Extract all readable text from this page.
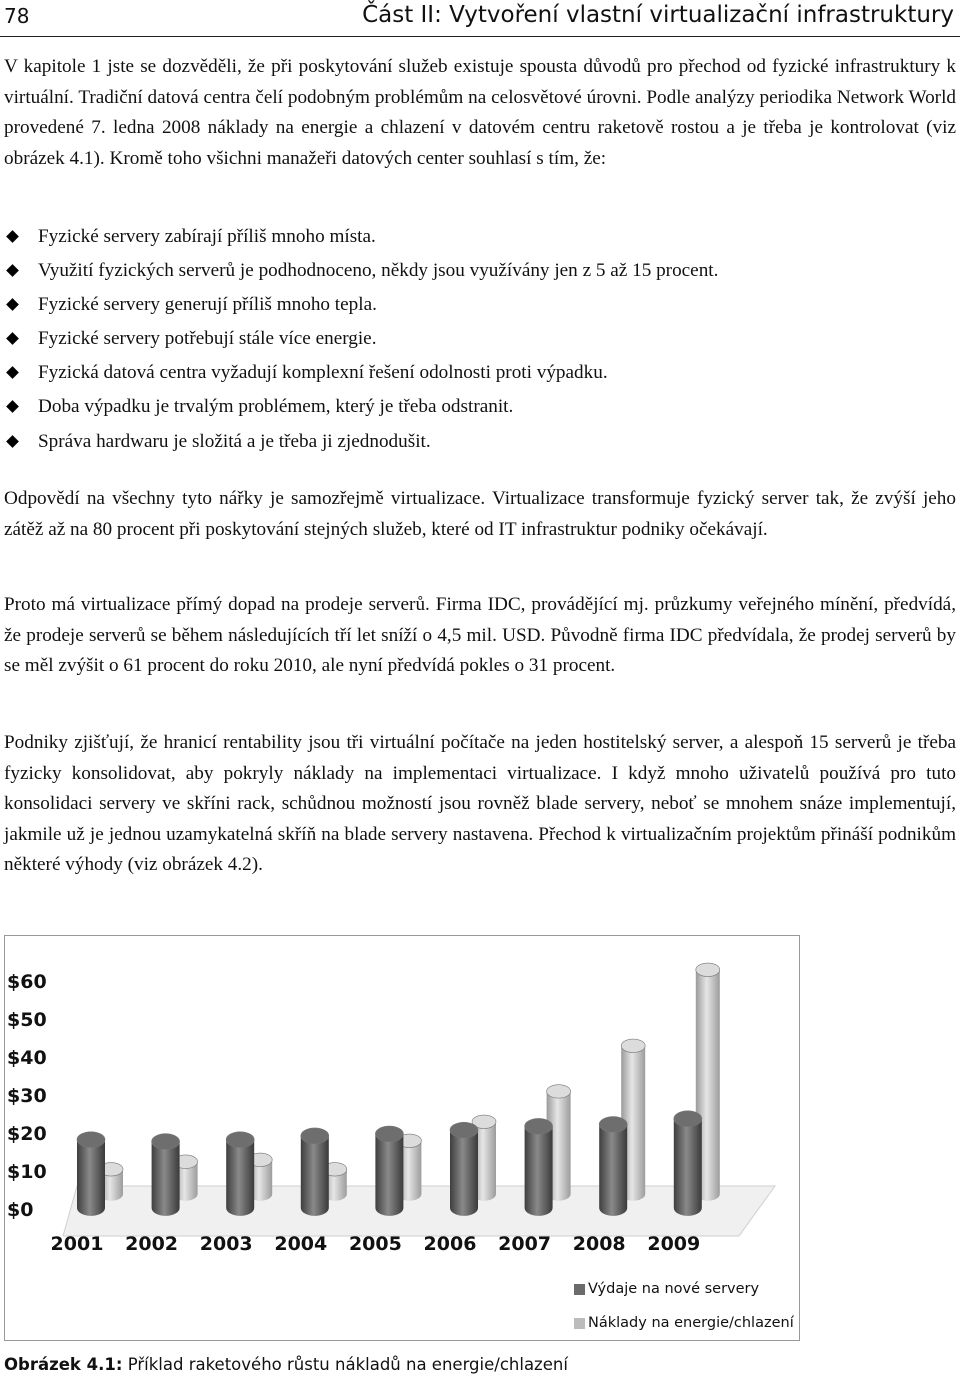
78	Část II: Vytvoření vlastní virtualizační infrastruktury

V kapitole 1 jste se dozvěděli, že při poskytování služeb existuje spousta důvodů pro přechod od fyzické infrastruktury k virtuální. Tradiční datová centra čelí podobným problémům na celosvětové úrovni. Podle analýzy periodika Network World provedené 7. ledna 2008 náklady na energie a chlazení v datovém centru raketově rostou a je třeba je kontrolovat (viz obrázek 4.1). Kromě toho všichni manažeři datových center souhlasí s tím, že:

Fyzické servery zabírají příliš mnoho místa.
Využití fyzických serverů je podhodnoceno, někdy jsou využívány jen z 5 až 15 procent.
Fyzické servery generují příliš mnoho tepla.
Fyzické servery potřebují stále více energie.
Fyzická datová centra vyžadují komplexní řešení odolnosti proti výpadku.
Doba výpadku je trvalým problémem, který je třeba odstranit.
Správa hardwaru je složitá a je třeba ji zjednodušit.

Odpovědí na všechny tyto nářky je samozřejmě virtualizace. Virtualizace transformuje fyzický server tak, že zvýší jeho zátěž až na 80 procent při poskytování stejných služeb, které od IT infrastruktur podniky očekávají.

Proto má virtualizace přímý dopad na prodeje serverů. Firma IDC, provádějící mj. průzkumy veřejného mínění, předvídá, že prodeje serverů se během následujících tří let sníží o 4,5 mil. USD. Původně firma IDC předvídala, že prodej serverů by se měl zvýšit o 61 procent do roku 2010, ale nyní předvídá pokles o 31 procent.

Podniky zjišťují, že hranicí rentability jsou tři virtuální počítače na jeden hostitelský server, a alespoň 15 serverů je třeba fyzicky konsolidovat, aby pokryly náklady na implementaci virtualizace. I když mnoho uživatelů používá pro tuto konsolidaci servery ve skříni rack, schůdnou možností jsou rovněž blade servery, neboť se mnohem snáze implementují, jakmile už je jednou uzamykatelná skříň na blade servery nastavena. Přechod k virtualizačním projektům přináší podnikům některé výhody (viz obrázek 4.2).

$0
$10
$20
$30
$40
$50
$60
2001 2002 2003 2004 2005 2006 2007 2008 2009
Výdaje na nové servery
Náklady na energie/chlazení
Obrázek 4.1: Příklad raketového růstu nákladů na energie/chlazení
